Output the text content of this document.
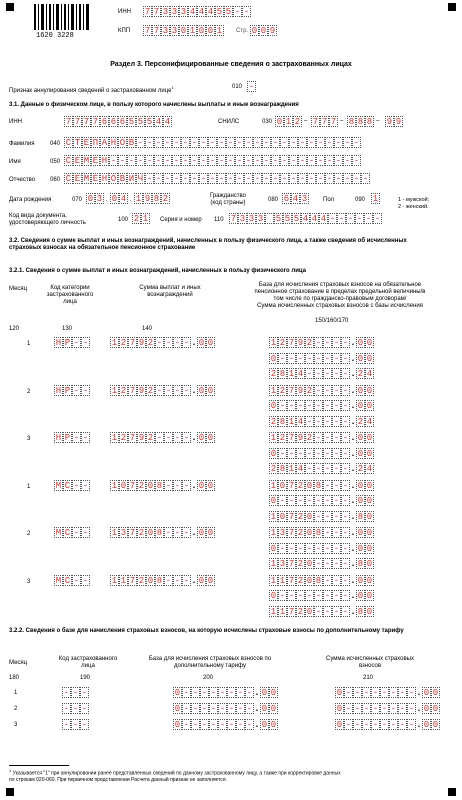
1620 3228
ИНН 7 7 3 3 3 4 4 4 5 5 - -
КПП 7 7 3 3 0 1 0 0 1 Стр. 0 0 9
Раздел 3. Персонифицированные сведения о застрахованных лицах
Признак аннулирования сведений о застрахованном лице$^1$	010 -
3.1. Данные о физическом лице, в пользу которого начислены выплаты и иные вознаграждения
ИНН	7 7 7 7 6 6 6 5 5 5 4 4	СНИЛС	030 0 1 2 – 7 7 7 – 8 8 8 – 9 9
Фамилия	040 С Т Е П А Н О В - - - - - - - - - - - - - - - - - - - - - - - - -
Имя	050 С Е М Е Н - - - - - - - - - - - - - - - - - - - - - - - - - - - -
Отчество 060 С Е М Е Н О В И Ч - - - - - - - - - - - - - - - - - - - - - - - - -
Дата рождения	070 0 3 . 0 4 . 1 9 8 2	Гражданство
(код страны)	080 6 4 3	Пол	090 1	1 - мужской;
2 - женский.
Код вида документа,
удостоверяющего личность	100 2 1 Серия и номер 110 7 3 3 3 5 5 5 4 4 4 - - - - - -
3.2. Сведения о сумме выплат и иных вознаграждений, начисленных в пользу физического лица, а также сведения об исчисленных
страховых взносах на обязательное пенсионное страхование
3.2.1. Сведения о сумме выплат и иных вознаграждений, начисленных в пользу физического лица
Месяц	Код категории
застрахованного
лица
Сумма выплат и иных
вознаграждений
База для исчисления страховых взносов на обязательное
пенсионное страхование в пределах предельной величины/в
том числе по гражданско-правовым договорам/
Сумма исчисленных страховых взносов с базы исчисления
120	130	140
150/160/170
1	Н Р - -	1 2 7 9 2 - - - - . 0 0	1 2 7 9 2 - - - - . 0 0
0 - - - - - - - - . 0 0
2 8 1 4 - - - - - . 2 4
2	Н Р - -	1 2 7 9 2 - - - - . 0 0	1 2 7 9 2 - - - - . 0 0
0 - - - - - - - - . 0 0
2 8 1 4 - - - - - . 2 4
3	Н Р - -	1 2 7 9 2 - - - - . 0 0	1 2 7 9 2 - - - - . 0 0
0 - - - - - - - - . 0 0
2 8 1 4 - - - - - . 2 4
1	М С - -	1 0 7 2 0 8 - - - . 0 0	1 0 7 2 0 8 - - - . 0 0
0 - - - - - - - - . 0 0
1 0 7 2 0 - - - - . 8 0
2	М С - -	1 3 7 2 0 8 - - - . 0 0	1 3 7 2 0 8 - - - . 0 0
0 - - - - - - - - . 0 0
1 3 7 2 0 - - - - . 8 0
3	М С - -	1 1 7 2 0 8 - - - . 0 0	1 1 7 2 0 8 - - - . 0 0
0 - - - - - - - - . 0 0
1 1 7 2 0 - - - - . 8 0
3.2.2. Сведения о базе для начисления страховых взносов, на которую исчислены страховые взносы по дополнительному тарифу
Месяц
Код застрахованного
лица
База для исчисления страховых взносов по
дополнительному тарифу
Сумма исчисленных страховых
взносов
180	190	200	210
1	- - -	0 - - - - - - - - . 0 0	0 - - - - - - - - . 0 0
2	- - -	0 - - - - - - - - . 0 0	0 - - - - - - - - . 0 0
3	- - -	0 - - - - - - - - . 0 0	0 - - - - - - - - . 0 0
$^1$ Указывается "1" при аннулировании ранее представленных сведений по данному застрахованному лицу, а также при корректировке данных
по строкам 020-060. При первичном представлении Расчета данный признак не заполняется.
